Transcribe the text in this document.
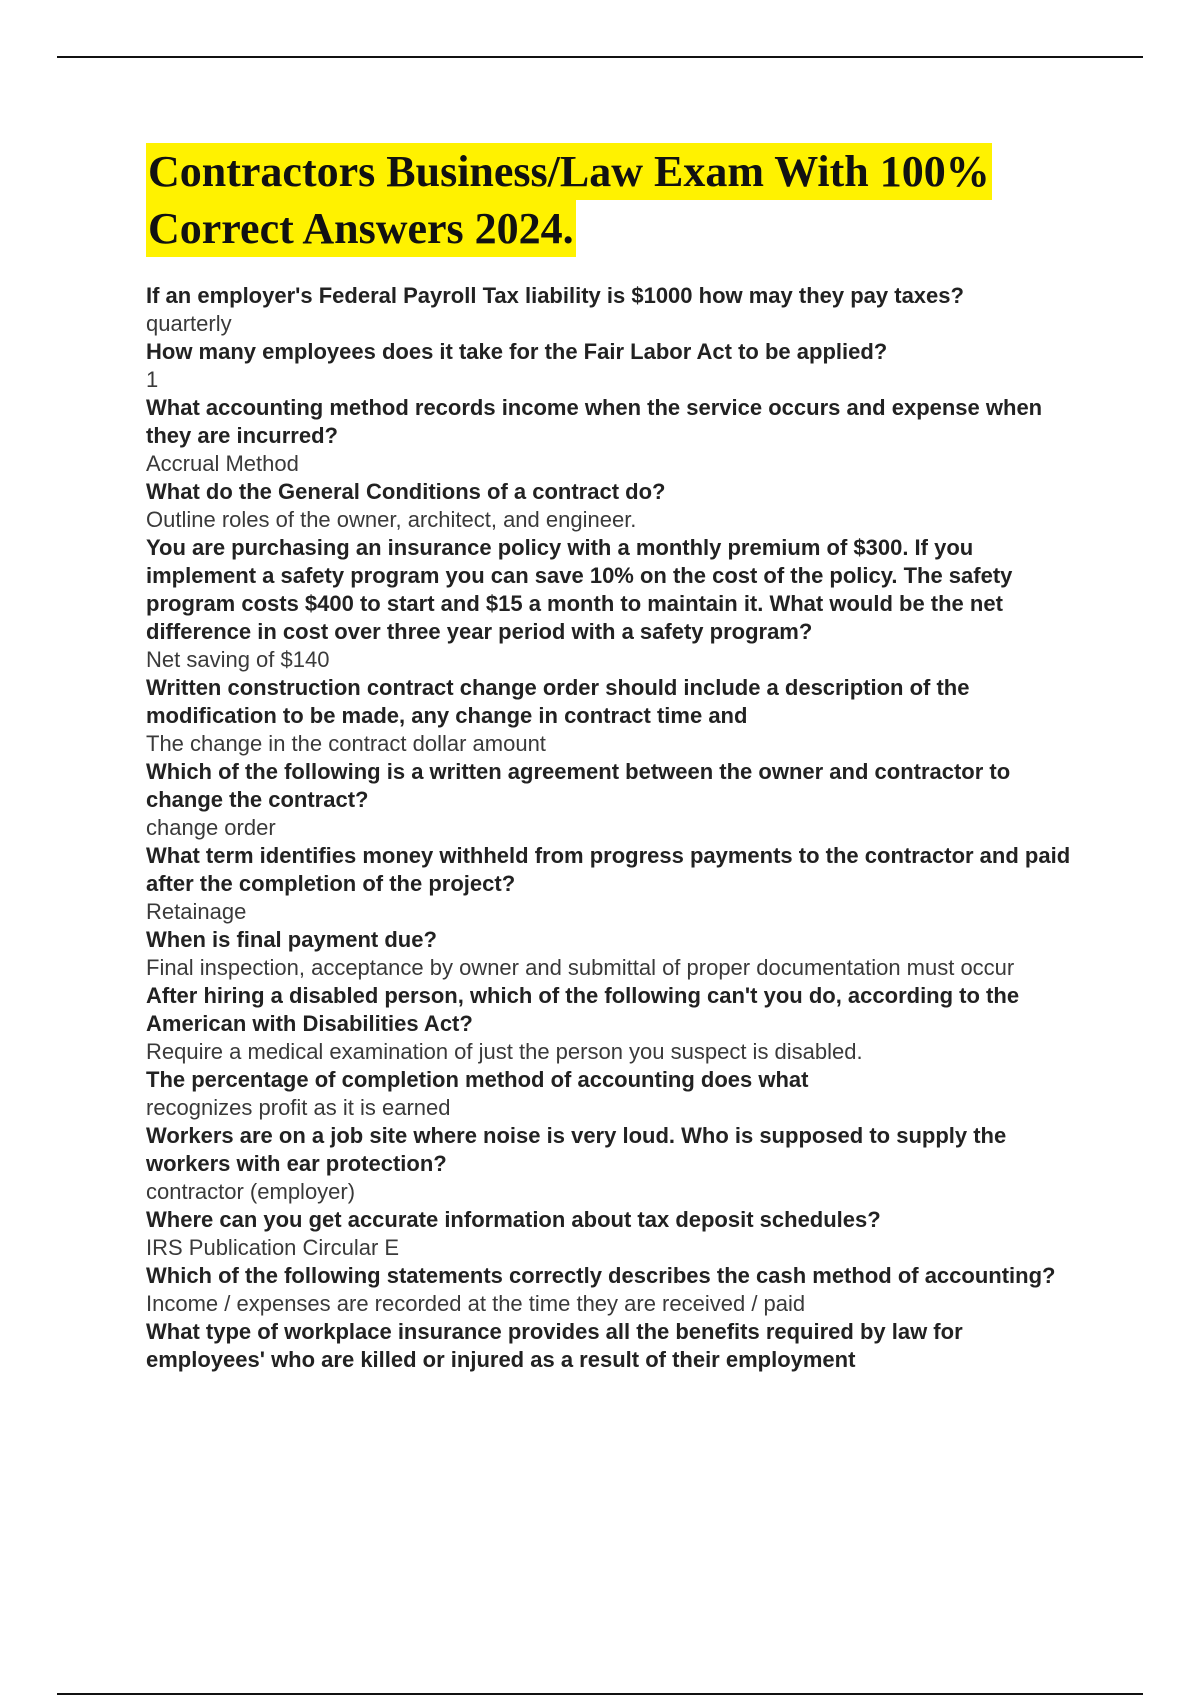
Contractors Business/Law Exam With 100%
Correct Answers 2024.

If an employer's Federal Payroll Tax liability is $1000 how may they pay taxes?

quarterly

How many employees does it take for the Fair Labor Act to be applied?

1

What accounting method records income when the service occurs and expense when they are incurred?

Accrual Method

What do the General Conditions of a contract do?

Outline roles of the owner, architect, and engineer.

You are purchasing an insurance policy with a monthly premium of $300. If you implement a safety program you can save 10% on the cost of the policy. The safety program costs $400 to start and $15 a month to maintain it. What would be the net difference in cost over three year period with a safety program?

Net saving of $140

Written construction contract change order should include a description of the modification to be made, any change in contract time and

The change in the contract dollar amount

Which of the following is a written agreement between the owner and contractor to change the contract?

change order

What term identifies money withheld from progress payments to the contractor and paid after the completion of the project?

Retainage

When is final payment due?

Final inspection, acceptance by owner and submittal of proper documentation must occur

After hiring a disabled person, which of the following can't you do, according to the American with Disabilities Act?

Require a medical examination of just the person you suspect is disabled.

The percentage of completion method of accounting does what

recognizes profit as it is earned

Workers are on a job site where noise is very loud. Who is supposed to supply the workers with ear protection?

contractor (employer)

Where can you get accurate information about tax deposit schedules?

IRS Publication Circular E

Which of the following statements correctly describes the cash method of accounting?

Income / expenses are recorded at the time they are received / paid

What type of workplace insurance provides all the benefits required by law for employees' who are killed or injured as a result of their employment
